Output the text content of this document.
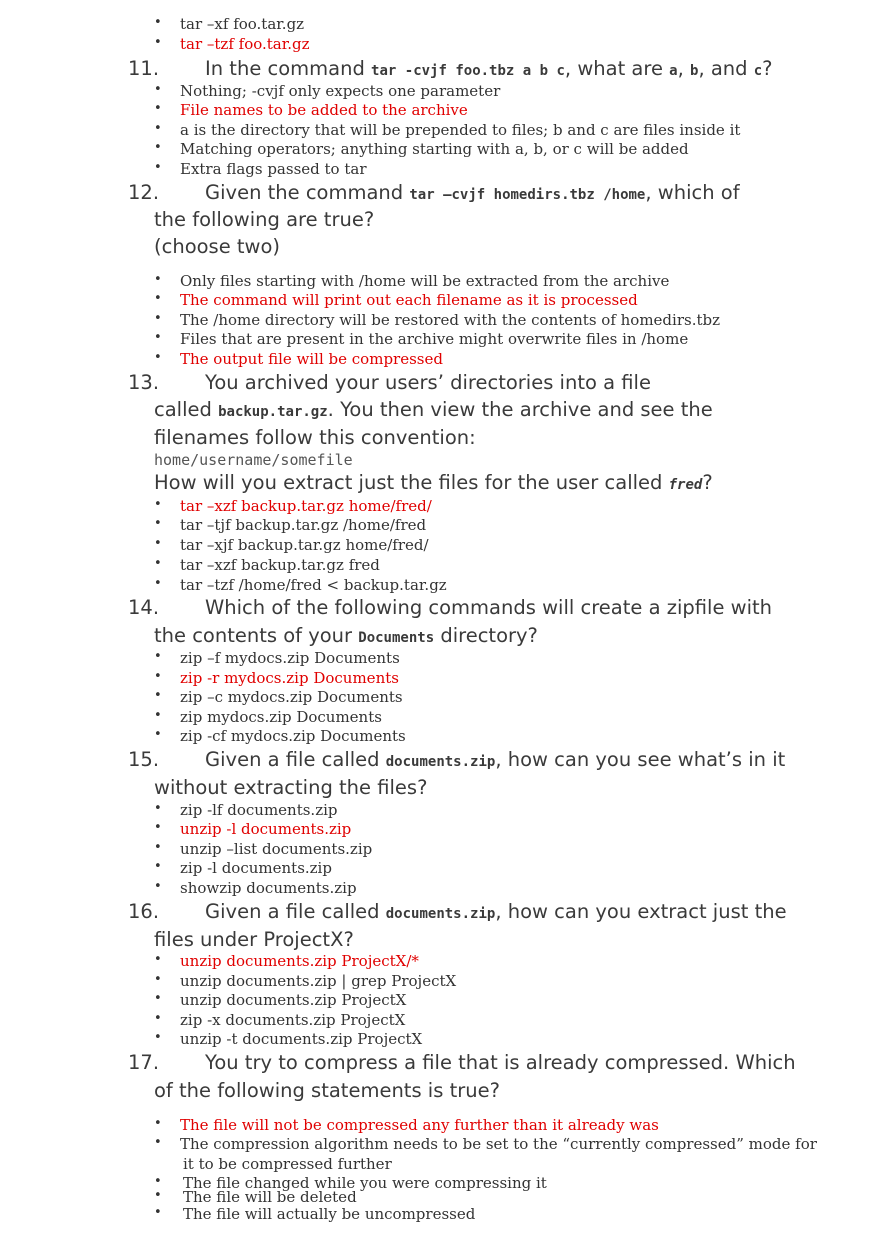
tar –xf foo.tar.gz
tar –tzf foo.tar.gz
11. In the command tar -cvjf foo.tbz a b c, what are a, b, and c?
Nothing; -cvjf only expects one parameter
File names to be added to the archive
a is the directory that will be prepended to files; b and c are files inside it
Matching operators; anything starting with a, b, or c will be added
Extra flags passed to tar
12. Given the command tar –cvjf homedirs.tbz /home, which of
the following are true?
(choose two)
Only files starting with /home will be extracted from the archive
The command will print out each filename as it is processed
The /home directory will be restored with the contents of homedirs.tbz
Files that are present in the archive might overwrite files in /home
The output file will be compressed
13. You archived your users’ directories into a file
called backup.tar.gz. You then view the archive and see the
filenames follow this convention:
How will you extract just the files for the user called fred?
home/username/somefile
tar –xzf backup.tar.gz home/fred/
tar –tjf backup.tar.gz /home/fred
tar –xjf backup.tar.gz home/fred/
tar –xzf backup.tar.gz fred
tar –tzf /home/fred < backup.tar.gz
14. Which of the following commands will create a zipfile with
the contents of your Documents directory?
zip –f mydocs.zip Documents
zip -r mydocs.zip Documents
zip –c mydocs.zip Documents
zip mydocs.zip Documents
zip -cf mydocs.zip Documents
15. Given a file called documents.zip, how can you see what’s in it
without extracting the files?
zip -lf documents.zip
unzip -l documents.zip
unzip –list documents.zip
zip -l documents.zip
showzip documents.zip
16. Given a file called documents.zip, how can you extract just the
files under ProjectX?
unzip documents.zip ProjectX/*
unzip documents.zip | grep ProjectX
unzip documents.zip ProjectX
zip -x documents.zip ProjectX
unzip -t documents.zip ProjectX
17. You try to compress a file that is already compressed. Which
of the following statements is true?
The file will not be compressed any further than it already was
The compression algorithm needs to be set to the “currently compressed” mode for
it to be compressed further
The file changed while you were compressing it
The file will be deleted
The file will actually be uncompressed
